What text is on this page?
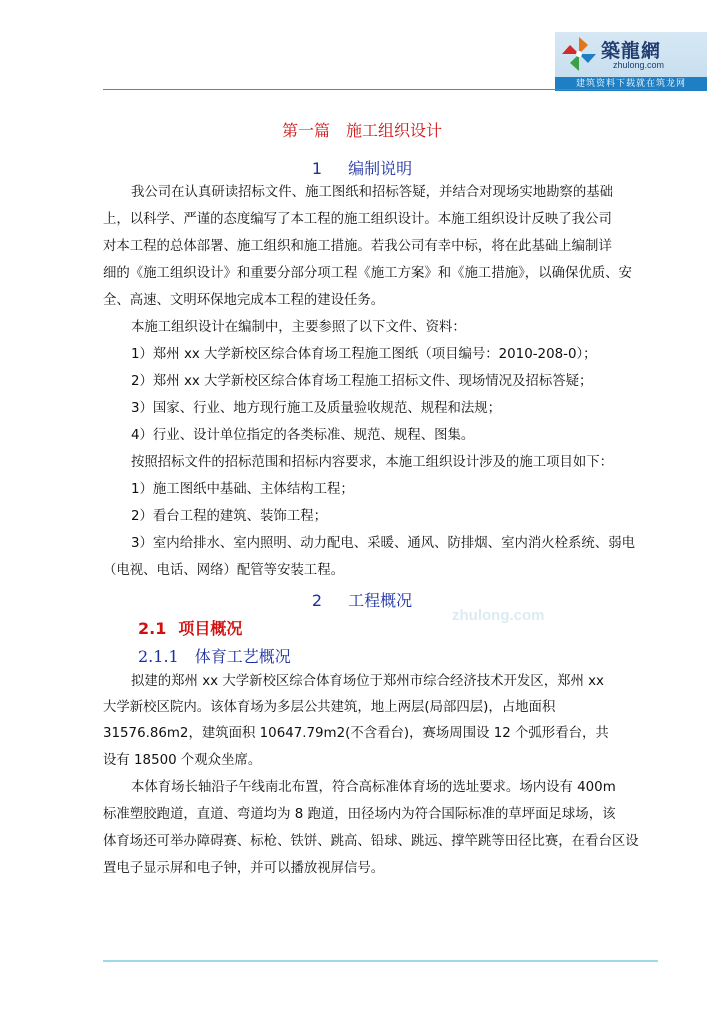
築龍網
zhulong.com
建筑资料下载就在筑龙网
第一篇 施工组织设计
1 编制说明
我公司在认真研读招标文件、施工图纸和招标答疑，并结合对现场实地勘察的基础
上，以科学、严谨的态度编写了本工程的施工组织设计。本施工组织设计反映了我公司
对本工程的总体部署、施工组织和施工措施。若我公司有幸中标，将在此基础上编制详
细的《施工组织设计》和重要分部分项工程《施工方案》和《施工措施》，以确保优质、安
全、高速、文明环保地完成本工程的建设任务。
本施工组织设计在编制中，主要参照了以下文件、资料：
1）郑州 xx 大学新校区综合体育场工程施工图纸（项目编号：2010-208-0）；
2）郑州 xx 大学新校区综合体育场工程施工招标文件、现场情况及招标答疑；
3）国家、行业、地方现行施工及质量验收规范、规程和法规；
4）行业、设计单位指定的各类标准、规范、规程、图集。
按照招标文件的招标范围和招标内容要求，本施工组织设计涉及的施工项目如下：
1）施工图纸中基础、主体结构工程；
2）看台工程的建筑、装饰工程；
3）室内给排水、室内照明、动力配电、采暖、通风、防排烟、室内消火栓系统、弱电
（电视、电话、网络）配管等安装工程。
2 工程概况
zhulong.com
2.1 项目概况
2.1.1 体育工艺概况
拟建的郑州 xx 大学新校区综合体育场位于郑州市综合经济技术开发区，郑州 xx
大学新校区院内。该体育场为多层公共建筑，地上两层(局部四层)，占地面积
31576.86m2，建筑面积 10647.79m2(不含看台)，赛场周围设 12 个弧形看台，共
设有 18500 个观众坐席。
本体育场长轴沿子午线南北布置，符合高标准体育场的选址要求。场内设有 400m
标准塑胶跑道，直道、弯道均为 8 跑道，田径场内为符合国际标准的草坪面足球场，该
体育场还可举办障碍赛、标枪、铁饼、跳高、铅球、跳远、撑竿跳等田径比赛，在看台区设
置电子显示屏和电子钟，并可以播放视屏信号。
